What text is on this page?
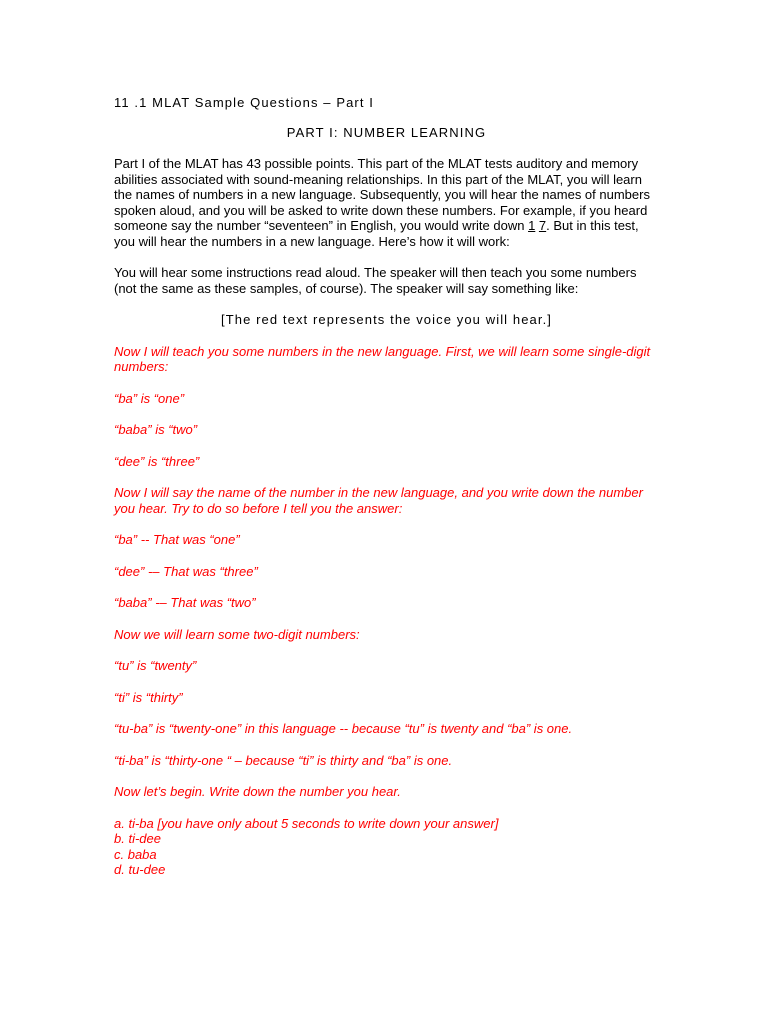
11 .1 MLAT Sample Questions – Part I
PART I: NUMBER LEARNING

Part I of the MLAT has 43 possible points. This part of the MLAT tests auditory and memory abilities associated with sound-meaning relationships. In this part of the MLAT, you will learn the names of numbers in a new language. Subsequently, you will hear the names of numbers spoken aloud, and you will be asked to write down these numbers. For example, if you heard someone say the number “seventeen” in English, you would write down 1 7. But in this test, you will hear the numbers in a new language. Here’s how it will work:

You will hear some instructions read aloud. The speaker will then teach you some numbers (not the same as these samples, of course). The speaker will say something like:

[The red text represents the voice you will hear.]

Now I will teach you some numbers in the new language. First, we will learn some single-digit numbers:

“ba” is “one”

“baba” is “two”

“dee” is “three”

Now I will say the name of the number in the new language, and you write down the number you hear. Try to do so before I tell you the answer:

“ba” -- That was “one”

“dee” -– That was “three”

“baba” -– That was “two”

Now we will learn some two-digit numbers:

“tu” is “twenty”

“ti” is “thirty”

“tu-ba” is “twenty-one” in this language -- because “tu” is twenty and “ba” is one.

“ti-ba” is “thirty-one “ – because “ti” is thirty and “ba” is one.

Now let’s begin. Write down the number you hear.

a. ti-ba [you have only about 5 seconds to write down your answer]
b. ti-dee
c. baba
d. tu-dee
